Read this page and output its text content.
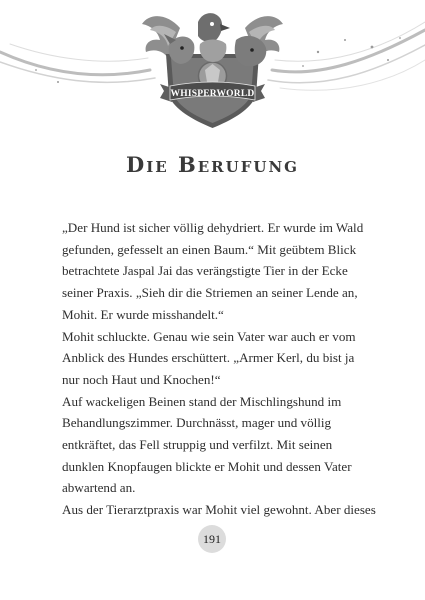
WHISPERWORLD
Die Berufung
„Der Hund ist sicher völlig dehydriert. Er wurde im Wald
gefunden, gefesselt an einen Baum.“ Mit geübtem Blick
betrachtete Jaspal Jai das verängstigte Tier in der Ecke
seiner Praxis. „Sieh dir die Striemen an seiner Lende an,
Mohit. Er wurde misshandelt.“
Mohit schluckte. Genau wie sein Vater war auch er vom
Anblick des Hundes erschüttert. „Armer Kerl, du bist ja
nur noch Haut und Knochen!“
Auf wackeligen Beinen stand der Mischlingshund im
Behandlungszimmer. Durchnässt, mager und völlig
entkräftet, das Fell struppig und verfilzt. Mit seinen
dunklen Knopfaugen blickte er Mohit und dessen Vater
abwartend an.
Aus der Tierarztpraxis war Mohit viel gewohnt. Aber dieses
191
